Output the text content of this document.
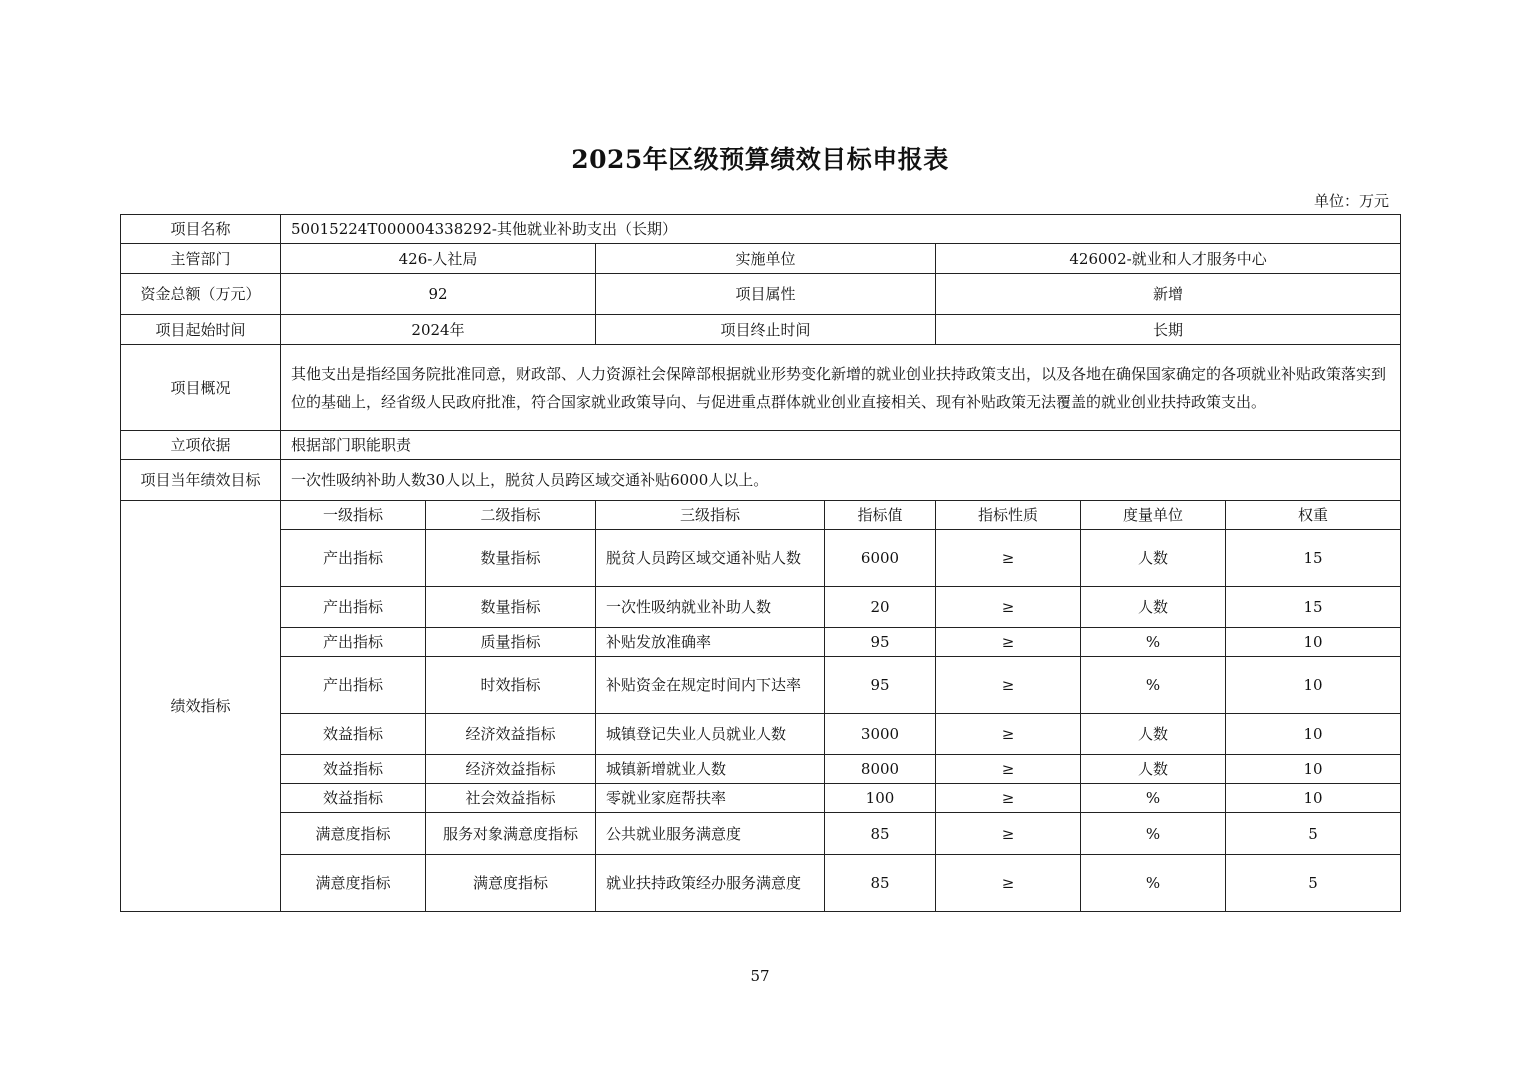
2025年区级预算绩效目标申报表
单位：万元
项目名称	50015224T000004338292-其他就业补助支出（长期）						
主管部门	426-人社局		实施单位		426002-就业和人才服务中心		
资金总额（万元）	92		项目属性		新增		
项目起始时间	2024年		项目终止时间		长期		
项目概况	其他支出是指经国务院批准同意，财政部、人力资源社会保障部根据就业形势变化新增的就业创业扶持政策支出，以及各地在确保国家确定的各项就业补贴政策落实到位的基础上，经省级人民政府批准，符合国家就业政策导向、与促进重点群体就业创业直接相关、现有补贴政策无法覆盖的就业创业扶持政策支出。						
立项依据	根据部门职能职责						
项目当年绩效目标	一次性吸纳补助人数30人以上，脱贫人员跨区域交通补贴6000人以上。						
绩效指标	一级指标	二级指标	三级指标	指标值	指标性质	度量单位	权重
	产出指标	数量指标	脱贫人员跨区域交通补贴人数	6000	≥	人数	15
	产出指标	数量指标	一次性吸纳就业补助人数	20	≥	人数	15
	产出指标	质量指标	补贴发放准确率	95	≥	%	10
	产出指标	时效指标	补贴资金在规定时间内下达率	95	≥	%	10
	效益指标	经济效益指标	城镇登记失业人员就业人数	3000	≥	人数	10
	效益指标	经济效益指标	城镇新增就业人数	8000	≥	人数	10
	效益指标	社会效益指标	零就业家庭帮扶率	100	≥	%	10
	满意度指标	服务对象满意度指标	公共就业服务满意度	85	≥	%	5
	满意度指标	满意度指标	就业扶持政策经办服务满意度	85	≥	%	5
57
